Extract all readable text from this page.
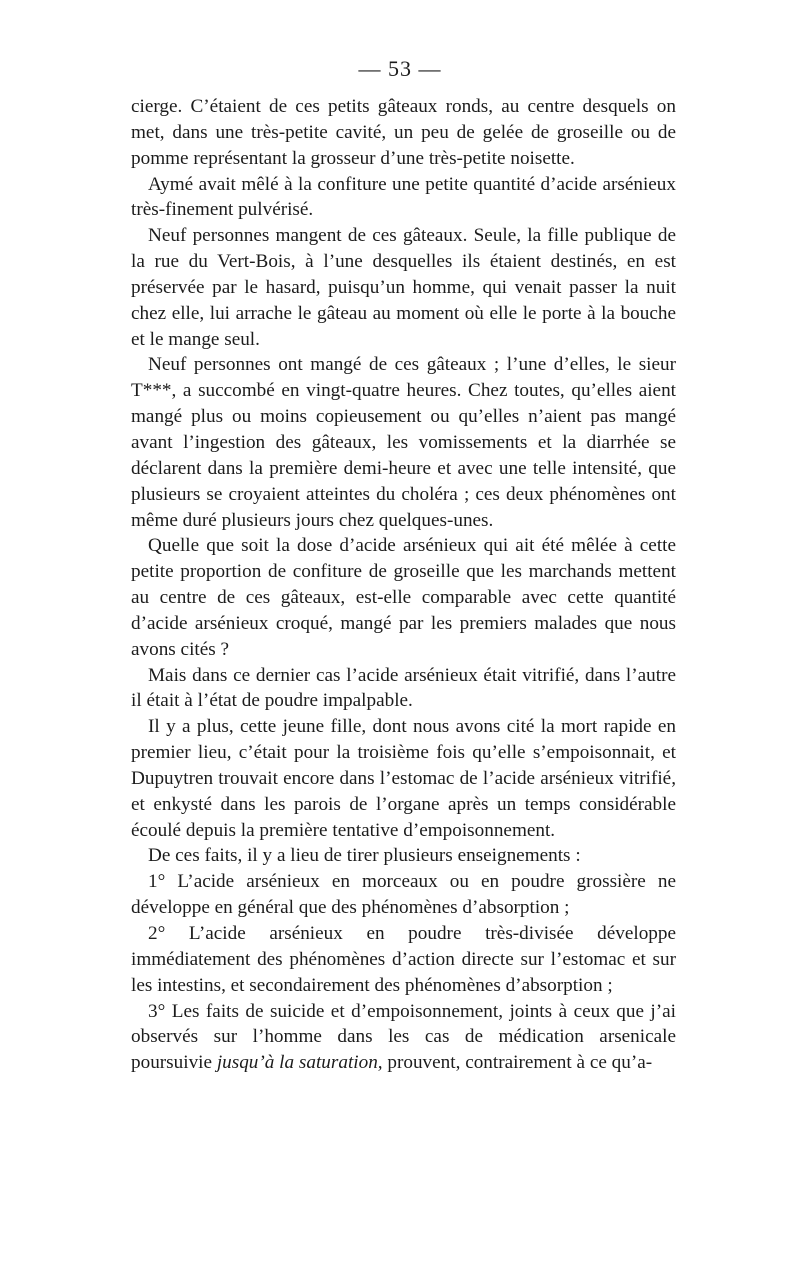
— 53 —

cierge. C’étaient de ces petits gâteaux ronds, au centre desquels on met, dans une très-petite cavité, un peu de gelée de groseille ou de pomme représentant la grosseur d’une très-petite noisette.

Aymé avait mêlé à la confiture une petite quantité d’acide arsénieux très-finement pulvérisé.

Neuf personnes mangent de ces gâteaux. Seule, la fille publique de la rue du Vert-Bois, à l’une desquelles ils étaient destinés, en est préservée par le hasard, puisqu’un homme, qui venait passer la nuit chez elle, lui arrache le gâteau au moment où elle le porte à la bouche et le mange seul.

Neuf personnes ont mangé de ces gâteaux ; l’une d’elles, le sieur T***, a succombé en vingt-quatre heures. Chez toutes, qu’elles aient mangé plus ou moins copieusement ou qu’elles n’aient pas mangé avant l’ingestion des gâteaux, les vomissements et la diarrhée se déclarent dans la première demi-heure et avec une telle intensité, que plusieurs se croyaient atteintes du choléra ; ces deux phénomènes ont même duré plusieurs jours chez quelques-unes.

Quelle que soit la dose d’acide arsénieux qui ait été mêlée à cette petite proportion de confiture de groseille que les marchands mettent au centre de ces gâteaux, est-elle comparable avec cette quantité d’acide arsénieux croqué, mangé par les premiers malades que nous avons cités ?

Mais dans ce dernier cas l’acide arsénieux était vitrifié, dans l’autre il était à l’état de poudre impalpable.

Il y a plus, cette jeune fille, dont nous avons cité la mort rapide en premier lieu, c’était pour la troisième fois qu’elle s’empoisonnait, et Dupuytren trouvait encore dans l’estomac de l’acide arsénieux vitrifié, et enkysté dans les parois de l’organe après un temps considérable écoulé depuis la première tentative d’empoisonnement.

De ces faits, il y a lieu de tirer plusieurs enseignements :

1° L’acide arsénieux en morceaux ou en poudre grossière ne développe en général que des phénomènes d’absorption ;

2° L’acide arsénieux en poudre très-divisée développe immédiatement des phénomènes d’action directe sur l’estomac et sur les intestins, et secondairement des phénomènes d’absorption ;

3° Les faits de suicide et d’empoisonnement, joints à ceux que j’ai observés sur l’homme dans les cas de médication arsenicale poursuivie jusqu’à la saturation, prouvent, contrairement à ce qu’a-
